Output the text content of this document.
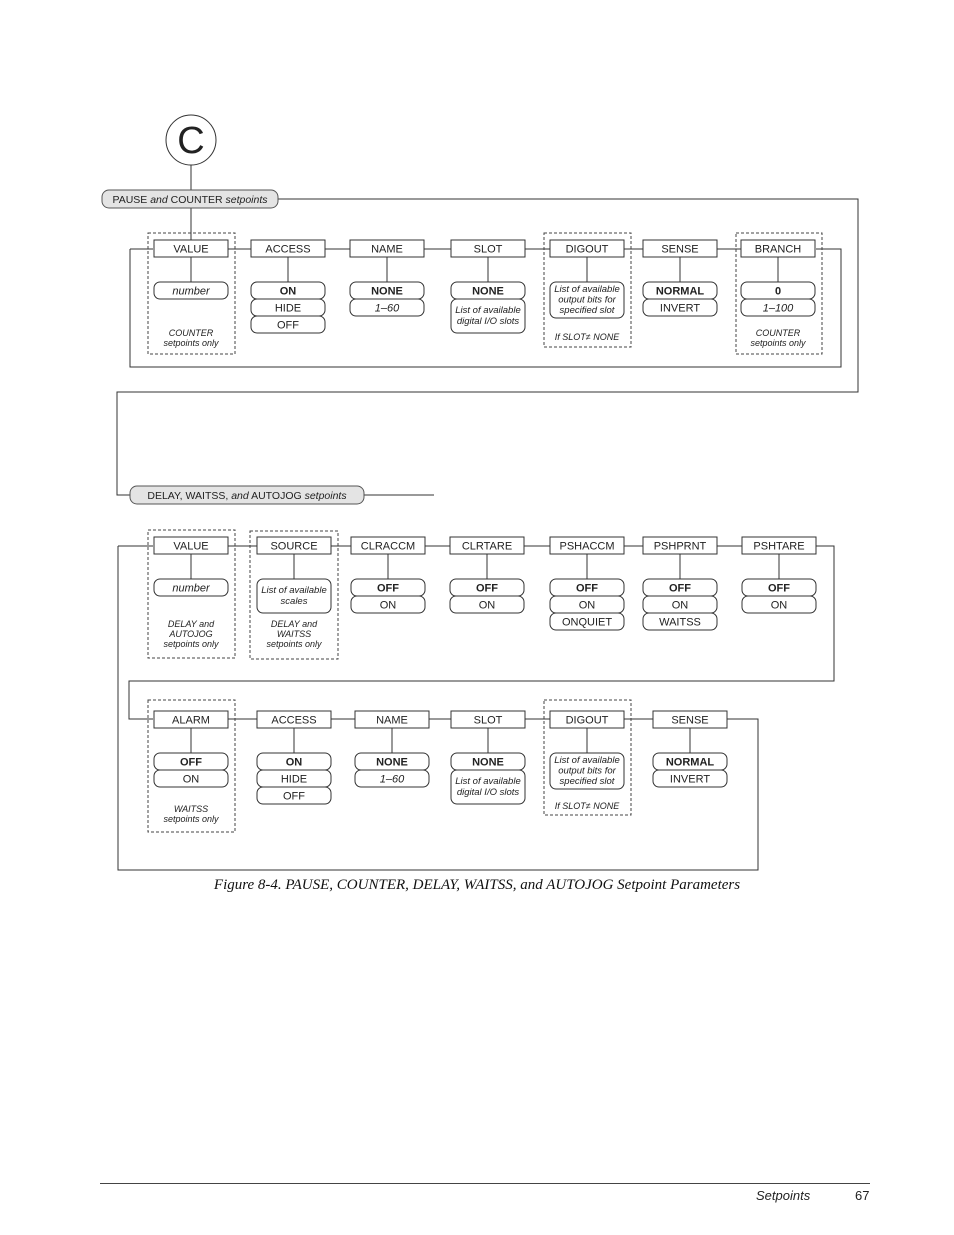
C
VALUE
number
COUNTER
setpoints only
ACCESS
ON
HIDE
OFF
NAME
NONE
1–60
SLOT
NONE
List of available
digital I/O slots
DIGOUT
List of available
output bits for
specified slot
If SLOT≠ NONE
SENSE
NORMAL
INVERT
BRANCH
0
1–100
COUNTER
setpoints only
VALUE
number
DELAY and
AUTOJOG
setpoints only
SOURCE
List of available
scales
DELAY and
WAITSS
setpoints only
CLRACCM
OFF
ON
CLRTARE
OFF
ON
PSHACCM
OFF
ON
ONQUIET
PSHPRNT
OFF
ON
WAITSS
PSHTARE
OFF
ON
ALARM
OFF
ON
WAITSS
setpoints only
ACCESS
ON
HIDE
OFF
NAME
NONE
1–60
SLOT
NONE
List of available
digital I/O slots
DIGOUT
List of available
output bits for
specified slot
If SLOT≠ NONE
SENSE
NORMAL
INVERT
PAUSE and COUNTER setpoints
DELAY, WAITSS, and AUTOJOG setpoints
Figure 8-4. PAUSE, COUNTER, DELAY, WAITSS, and AUTOJOG Setpoint Parameters
Setpoints	67
